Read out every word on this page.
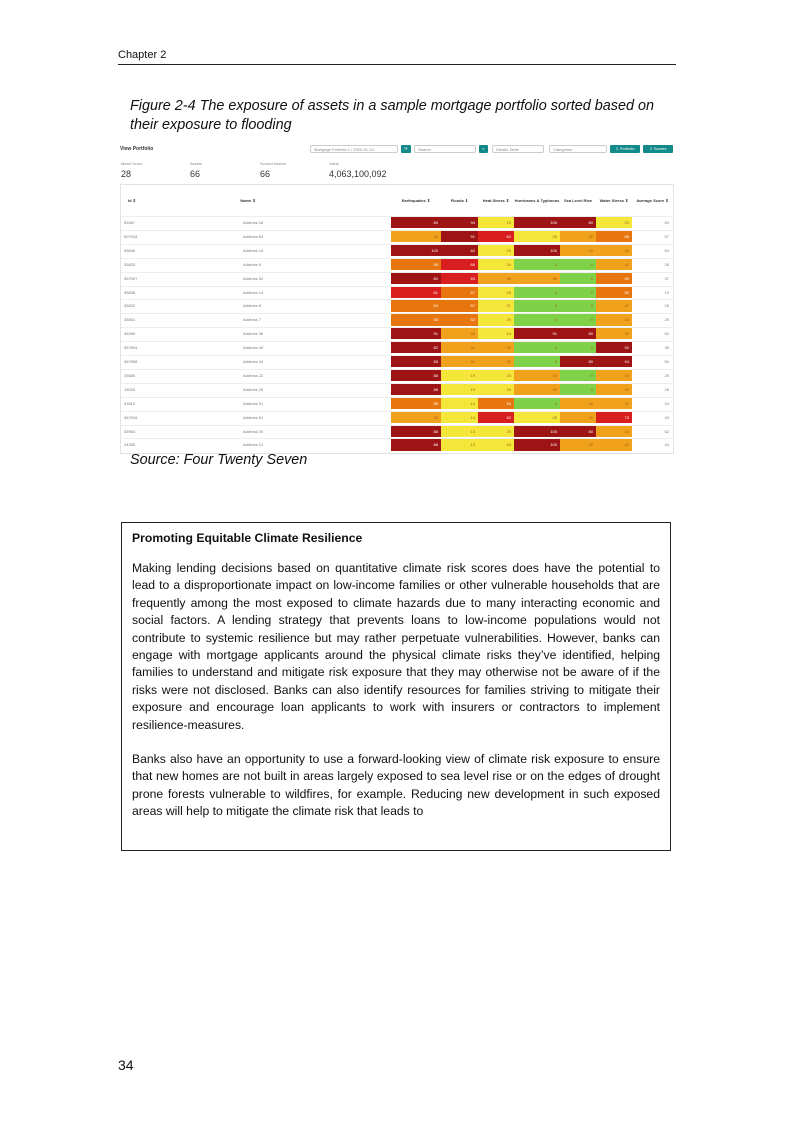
Chapter 2
Figure 2-4 The exposure of assets in a sample mortgage portfolio sorted based on their exposure to flooding
View Portfolio	Mortgage Portfolio 1 / 2020-01-24	⟳	Search	⌕	Details Table	Categories	⇩ Portfolio	⇩ Scores
Mean Score
28
Assets
66
Scored Assets
66
Value
4,063,100,092
Id ⇕	Name ⇕	Earthquakes ⇕	Floods ⇓	Heat Stress ⇕	Hurricanes & Typhoons	Sea Level Rise	Water Stress ⇕	Average Score ⇕
53367	Address 18	80	94	19	100	80	23	63
507918	Address 63	30	91	62	25	30	56	57
53640	Address 15	100	82	25	100	40	40	54
35833	Address 9	55	65	24	0	0	42	26
557907	Address 52	82	63	39	30	0	53	37
35838	Address 14	61	57	25	0	0	52	19
35832	Address 8	54	57	21	0	0	47	25
35831	Address 7	55	52	29	0	0	42	25
45289	Address 36	91	45	14	91	80	30	52
557894	Address 40	82	44	39	0	0	92	35
567898	Address 44	85	40	39	0	80	94	50
25686	Address 22	88	19	16	40	0	40	25
15033	Address 25	88	19	20	40	0	40	25
31810	Address 31	55	14	53	0	40	32	24
567916	Address 61	30	14	62	25	40	73	43
53964	Address 20	88	13	25	100	80	42	52
24265	Address 21	88	13	24	100	40	42	44
Source: Four Twenty Seven
Promoting Equitable Climate Resilience

Making lending decisions based on quantitative climate risk scores does have the potential to lead to a disproportionate impact on low-income families or other vulnerable households that are frequently among the most exposed to climate hazards due to many interacting economic and social factors. A lending strategy that prevents loans to low-income populations would not contribute to systemic resilience but may rather perpetuate vulnerabilities. However, banks can engage with mortgage applicants around the physical climate risks they’ve identified, helping families to understand and mitigate risk exposure that they may otherwise not be aware of if the risks were not disclosed. Banks can also identify resources for families striving to mitigate their exposure and encourage loan applicants to work with insurers or contractors to implement resilience-measures.

Banks also have an opportunity to use a forward-looking view of climate risk exposure to ensure that new homes are not built in areas largely exposed to sea level rise or on the edges of drought prone forests vulnerable to wildfires, for example. Reducing new development in such exposed areas will help to mitigate the climate risk that leads to

34
